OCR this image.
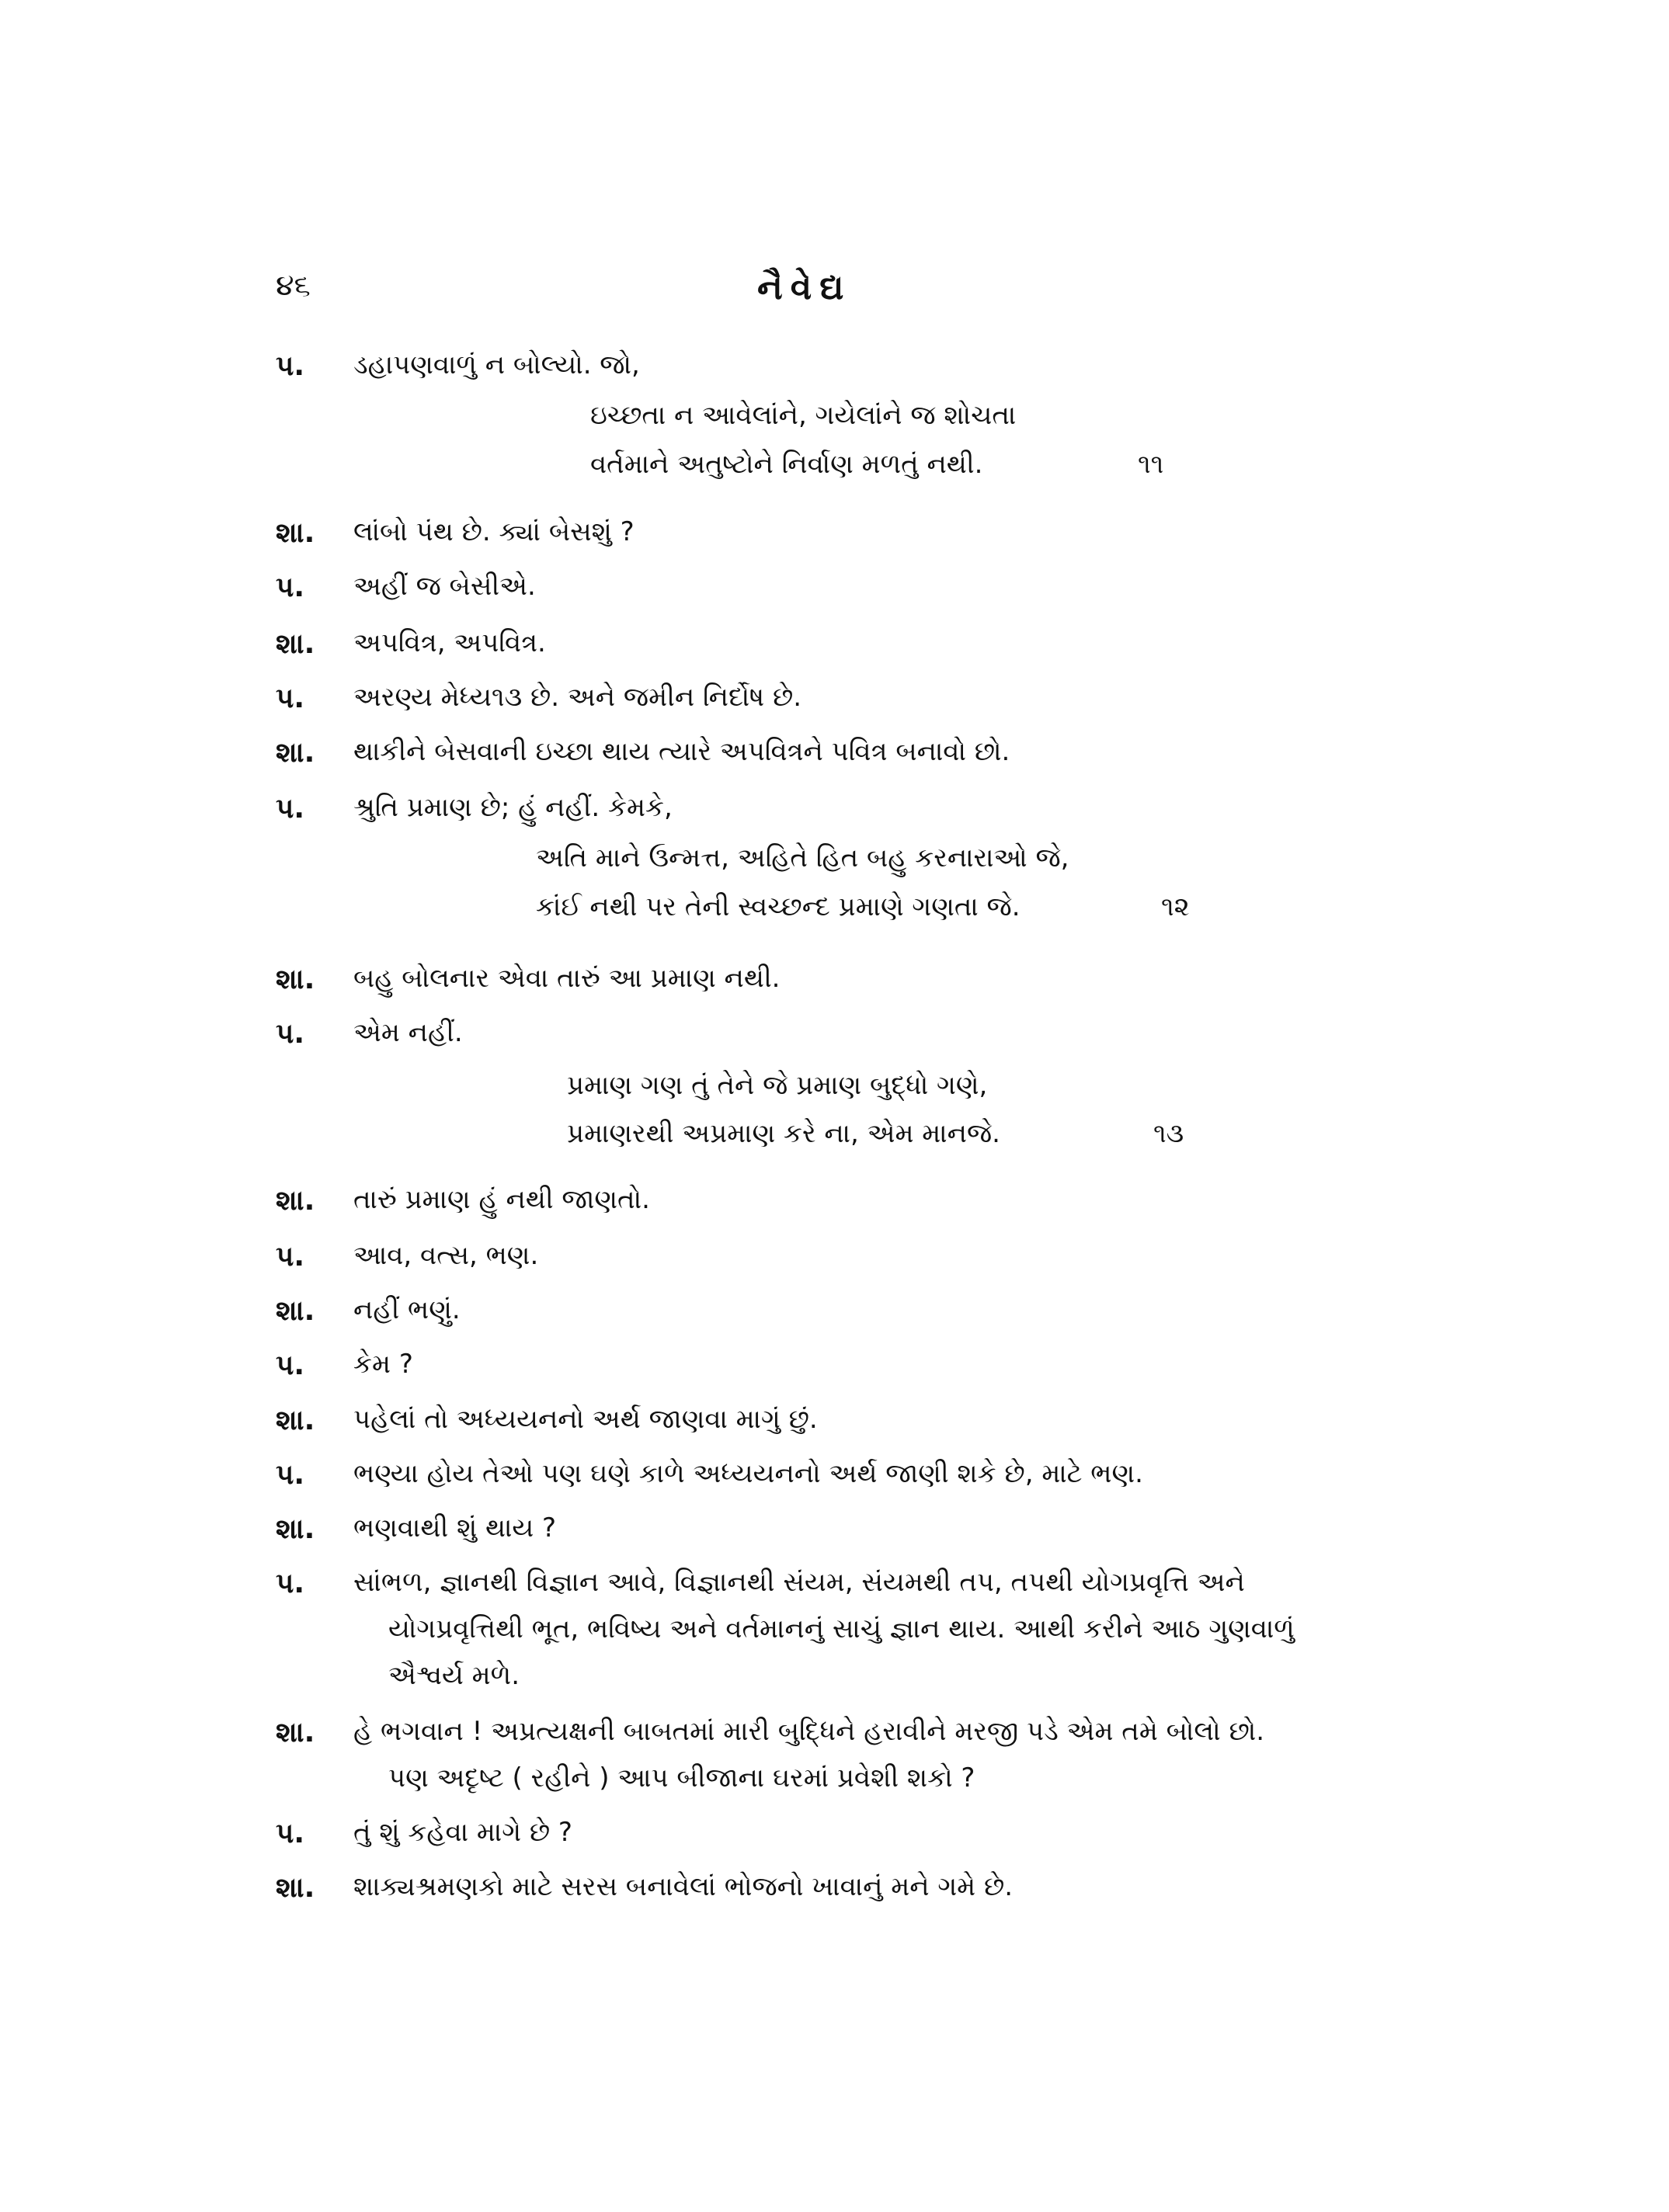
૪૬	નૈવેદ્ય
પ. ડહાપણવાળું ન બોલ્યો. જો,
ઇચ્છતા ન આવેલાંને, ગયેલાંને જ શોચતા
વર્તમાને અતુષ્ટોને નિર્વાણ મળતું નથી.	૧૧
શા. લાંબો પંથ છે. ક્યાં બેસશું ?
પ. અહીં જ બેસીએ.
શા. અપવિત્ર, અપવિત્ર.
પ. અરણ્ય મેધ્ય૧૩ છે. અને જમીન નિર્દોષ છે.
શા. થાકીને બેસવાની ઇચ્છા થાય ત્યારે અપવિત્રને પવિત્ર બનાવો છો.
પ. શ્રુતિ પ્રમાણ છે; હું નહીં. કેમકે,
અતિ માને ઉન્મત્ત, અહિતે હિત બહુ કરનારાઓ જે,
કાંઈ નથી પર તેની સ્વચ્છન્દ પ્રમાણે ગણતા જે.	૧૨
શા. બહુ બોલનાર એવા તારું આ પ્રમાણ નથી.
પ. એમ નહીં.
પ્રમાણ ગણ તું તેને જે પ્રમાણ બુદ્ધો ગણે,
પ્રમાણરથી અપ્રમાણ કરે ના, એમ માનજે.	૧૩
શા. તારું પ્રમાણ હું નથી જાણતો.
પ. આવ, વત્સ, ભણ.
શા. નહીં ભણું.
પ. કેમ ?
શા. પહેલાં તો અધ્યયનનો અર્થ જાણવા માગું છું.
પ. ભણ્યા હોય તેઓ પણ ઘણે કાળે અધ્યયનનો અર્થ જાણી શકે છે, માટે ભણ.
શા. ભણવાથી શું થાય ?
પ. સાંભળ, જ્ઞાનથી વિજ્ઞાન આવે, વિજ્ઞાનથી સંયમ, સંયમથી તપ, તપથી યોગપ્રવૃત્તિ અને
યોગપ્રવૃત્તિથી ભૂત, ભવિષ્ય અને વર્તમાનનું સાચું જ્ઞાન થાય. આથી કરીને આઠ ગુણવાળું
ઐશ્વર્ય મળે.
શા. હે ભગવાન ! અપ્રત્યક્ષની બાબતમાં મારી બુદ્ધિને હરાવીને મરજી પડે એમ તમે બોલો છો.
પણ અદૃષ્ટ ( રહીને ) આપ બીજાના ઘરમાં પ્રવેશી શકો ?
પ. તું શું કહેવા માગે છે ?
શા. શાક્યશ્રમણકો માટે સરસ બનાવેલાં ભોજનો ખાવાનું મને ગમે છે.
